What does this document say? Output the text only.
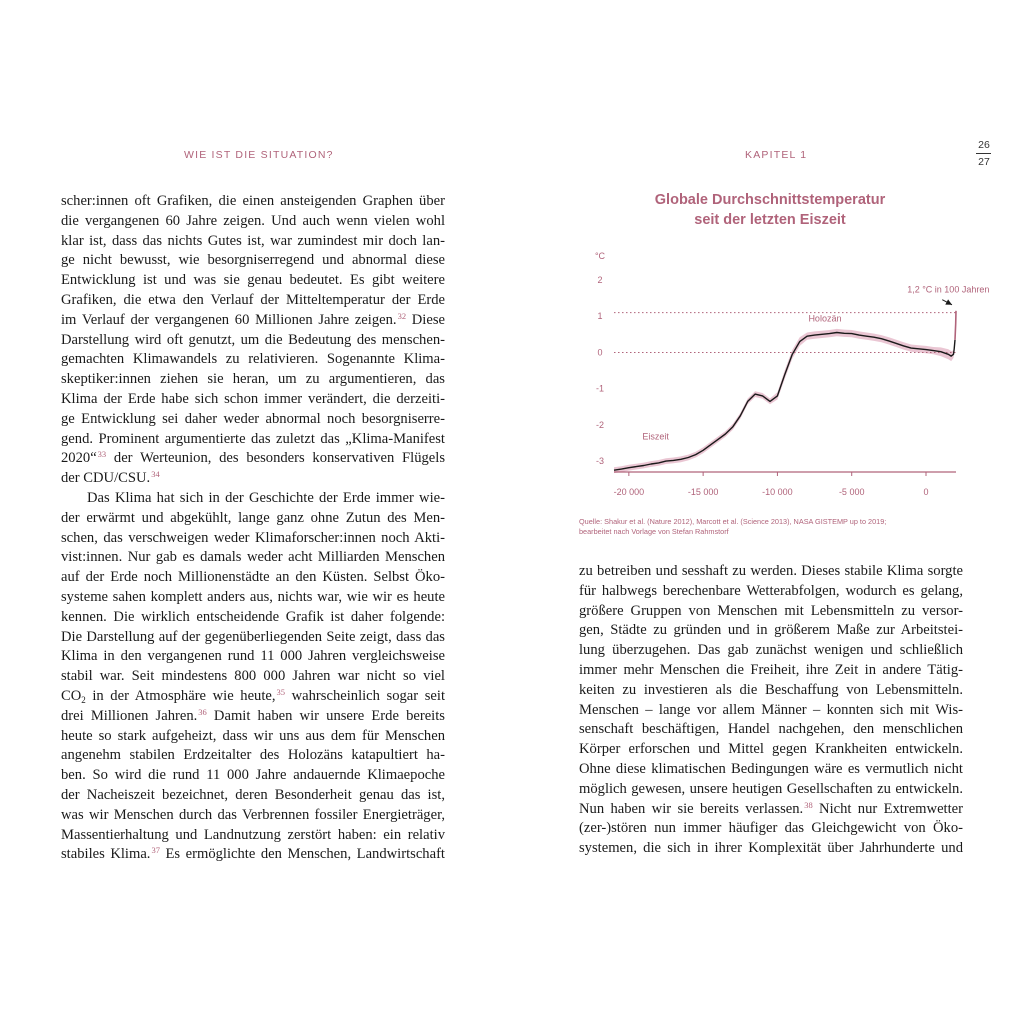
WIE IST DIE SITUATION?	KAPITEL 1
26
27
scher:innen oft Grafiken, die einen ansteigenden Graphen über
die vergangenen 60 Jahre zeigen. Und auch wenn vielen wohl
klar ist, dass das nichts Gutes ist, war zumindest mir doch lan-
ge nicht bewusst, wie besorgniserregend und abnormal diese
Entwicklung ist und was sie genau bedeutet. Es gibt weitere
Grafiken, die etwa den Verlauf der Mitteltemperatur der Erde
im Verlauf der vergangenen 60 Millionen Jahre zeigen.$^{32}$ Diese
Darstellung wird oft genutzt, um die Bedeutung des menschen-
gemachten Klimawandels zu relativieren. Sogenannte Klima-
skeptiker:innen ziehen sie heran, um zu argumentieren, das
Klima der Erde habe sich schon immer verändert, die derzeiti-
ge Entwicklung sei daher weder abnormal noch besorgniserre-
gend. Prominent argumentierte das zuletzt das „Klima-Manifest
2020“$^{33}$ der Werteunion, des besonders konservativen Flügels
der CDU/CSU.$^{34}$
Das Klima hat sich in der Geschichte der Erde immer wie-
der erwärmt und abgekühlt, lange ganz ohne Zutun des Men-
schen, das verschweigen weder Klimaforscher:innen noch Akti-
vist:innen. Nur gab es damals weder acht Milliarden Menschen
auf der Erde noch Millionenstädte an den Küsten. Selbst Öko-
systeme sahen komplett anders aus, nichts war, wie wir es heute
kennen. Die wirklich entscheidende Grafik ist daher folgende:
Die Darstellung auf der gegenüberliegenden Seite zeigt, dass das
Klima in den vergangenen rund 11 000 Jahren vergleichsweise
stabil war. Seit mindestens 800 000 Jahren war nicht so viel
$CO_2$ in der Atmosphäre wie heute,$^{35}$ wahrscheinlich sogar seit
drei Millionen Jahren.$^{36}$ Damit haben wir unsere Erde bereits
heute so stark aufgeheizt, dass wir uns aus dem für Menschen
angenehm stabilen Erdzeitalter des Holozäns katapultiert ha-
ben. So wird die rund 11 000 Jahre andauernde Klimaepoche
der Nacheiszeit bezeichnet, deren Besonderheit genau das ist,
was wir Menschen durch das Verbrennen fossiler Energieträger,
Massentierhaltung und Landnutzung zerstört haben: ein relativ
stabiles Klima.$^{37}$ Es ermöglichte den Menschen, Landwirtschaft
Globale Durchschnittstemperatur
seit der letzten Eiszeit
-20 000	-15 000	-10 000	-5 000	0
2
1
0
-1
-2
-3
°C
Eiszeit
Holozän
1,2 °C in 100 Jahren
Quelle: Shakur et al. (Nature 2012), Marcott et al. (Science 2013), NASA GISTEMP up to 2019;
bearbeitet nach Vorlage von Stefan Rahmstorf
zu betreiben und sesshaft zu werden. Dieses stabile Klima sorgte
für halbwegs berechenbare Wetterabfolgen, wodurch es gelang,
größere Gruppen von Menschen mit Lebensmitteln zu versor-
gen, Städte zu gründen und in größerem Maße zur Arbeitstei-
lung überzugehen. Das gab zunächst wenigen und schließlich
immer mehr Menschen die Freiheit, ihre Zeit in andere Tätig-
keiten zu investieren als die Beschaffung von Lebensmitteln.
Menschen – lange vor allem Männer – konnten sich mit Wis-
senschaft beschäftigen, Handel nachgehen, den menschlichen
Körper erforschen und Mittel gegen Krankheiten entwickeln.
Ohne diese klimatischen Bedingungen wäre es vermutlich nicht
möglich gewesen, unsere heutigen Gesellschaften zu entwickeln.
Nun haben wir sie bereits verlassen.$^{38}$ Nicht nur Extremwetter
(zer-)stören nun immer häufiger das Gleichgewicht von Öko-
systemen, die sich in ihrer Komplexität über Jahrhunderte und
